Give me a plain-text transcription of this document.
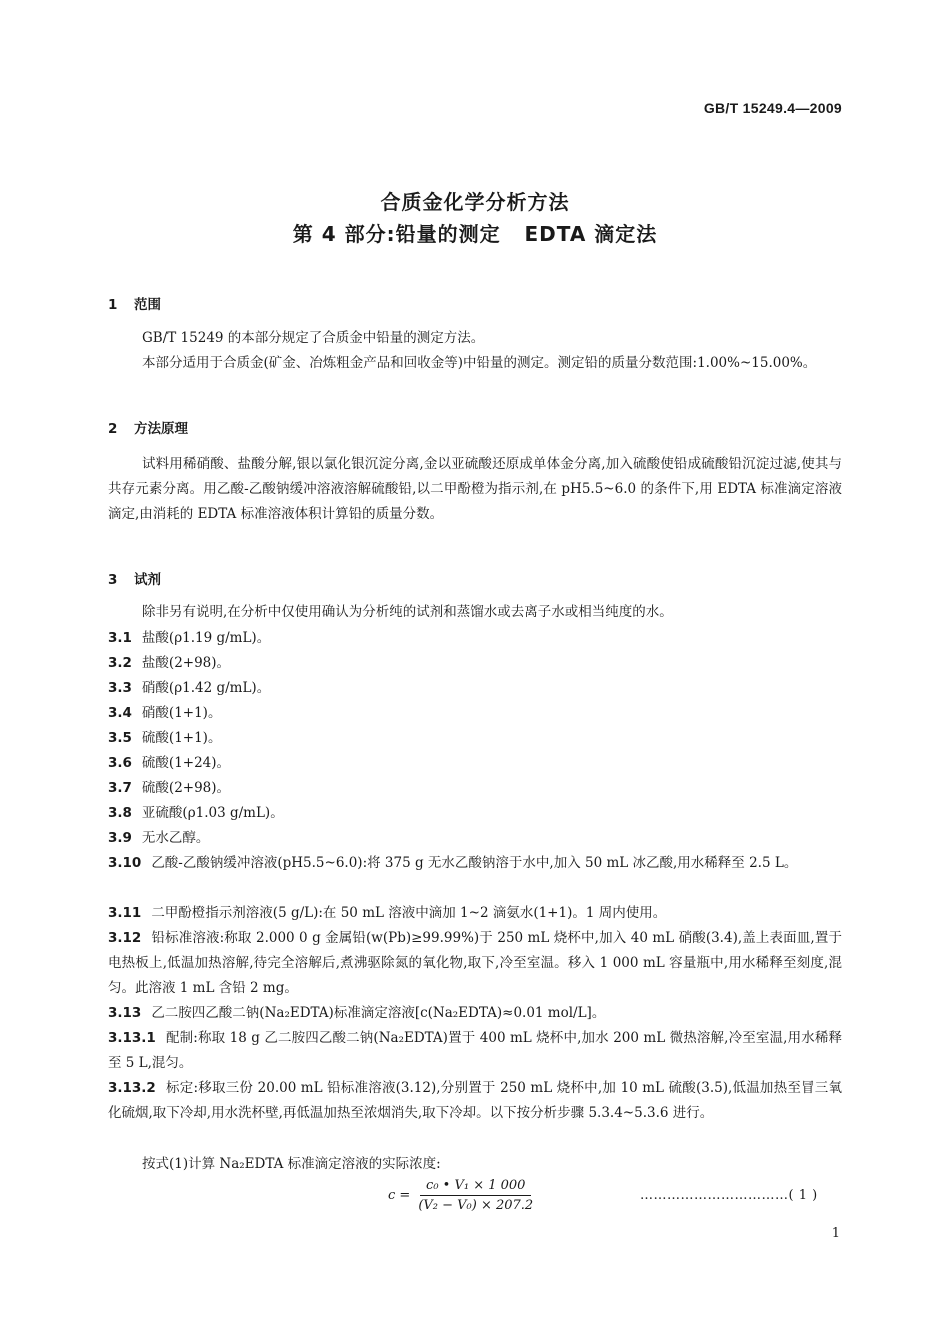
GB/T 15249.4—2009
合质金化学分析方法
第 4 部分:铅量的测定   EDTA 滴定法
1 范围
GB/T 15249 的本部分规定了合质金中铅量的测定方法。
本部分适用于合质金(矿金、冶炼粗金产品和回收金等)中铅量的测定。测定铅的质量分数范围:1.00%~15.00%。
2 方法原理
试料用稀硝酸、盐酸分解,银以氯化银沉淀分离,金以亚硫酸还原成单体金分离,加入硫酸使铅成硫酸铅沉淀过滤,使其与共存元素分离。用乙酸-乙酸钠缓冲溶液溶解硫酸铅,以二甲酚橙为指示剂,在 pH5.5~6.0 的条件下,用 EDTA 标准滴定溶液滴定,由消耗的 EDTA 标准溶液体积计算铅的质量分数。
3 试剂
除非另有说明,在分析中仅使用确认为分析纯的试剂和蒸馏水或去离子水或相当纯度的水。
3.1 盐酸(ρ1.19 g/mL)。
3.2 盐酸(2+98)。
3.3 硝酸(ρ1.42 g/mL)。
3.4 硝酸(1+1)。
3.5 硫酸(1+1)。
3.6 硫酸(1+24)。
3.7 硫酸(2+98)。
3.8 亚硫酸(ρ1.03 g/mL)。
3.9 无水乙醇。
3.10 乙酸-乙酸钠缓冲溶液(pH5.5~6.0):将 375 g 无水乙酸钠溶于水中,加入 50 mL 冰乙酸,用水稀释至 2.5 L。
3.11 二甲酚橙指示剂溶液(5 g/L):在 50 mL 溶液中滴加 1~2 滴氨水(1+1)。1 周内使用。
3.12 铅标准溶液:称取 2.000 0 g 金属铅(w(Pb)≥99.99%)于 250 mL 烧杯中,加入 40 mL 硝酸(3.4),盖上表面皿,置于电热板上,低温加热溶解,待完全溶解后,煮沸驱除氮的氧化物,取下,冷至室温。移入 1 000 mL 容量瓶中,用水稀释至刻度,混匀。此溶液 1 mL 含铅 2 mg。
3.13 乙二胺四乙酸二钠(Na₂EDTA)标准滴定溶液[c(Na₂EDTA)≈0.01 mol/L]。
3.13.1 配制:称取 18 g 乙二胺四乙酸二钠(Na₂EDTA)置于 400 mL 烧杯中,加水 200 mL 微热溶解,冷至室温,用水稀释至 5 L,混匀。
3.13.2 标定:移取三份 20.00 mL 铅标准溶液(3.12),分别置于 250 mL 烧杯中,加 10 mL 硫酸(3.5),低温加热至冒三氧化硫烟,取下冷却,用水洗杯壁,再低温加热至浓烟消失,取下冷却。以下按分析步骤 5.3.4~5.3.6 进行。
按式(1)计算 Na₂EDTA 标准滴定溶液的实际浓度:
$c = \frac{\text{c₀ • V₁ × 1 000}}{\text{(V₂ − V₀) × 207.2}}$	……………………………( 1 )
1
